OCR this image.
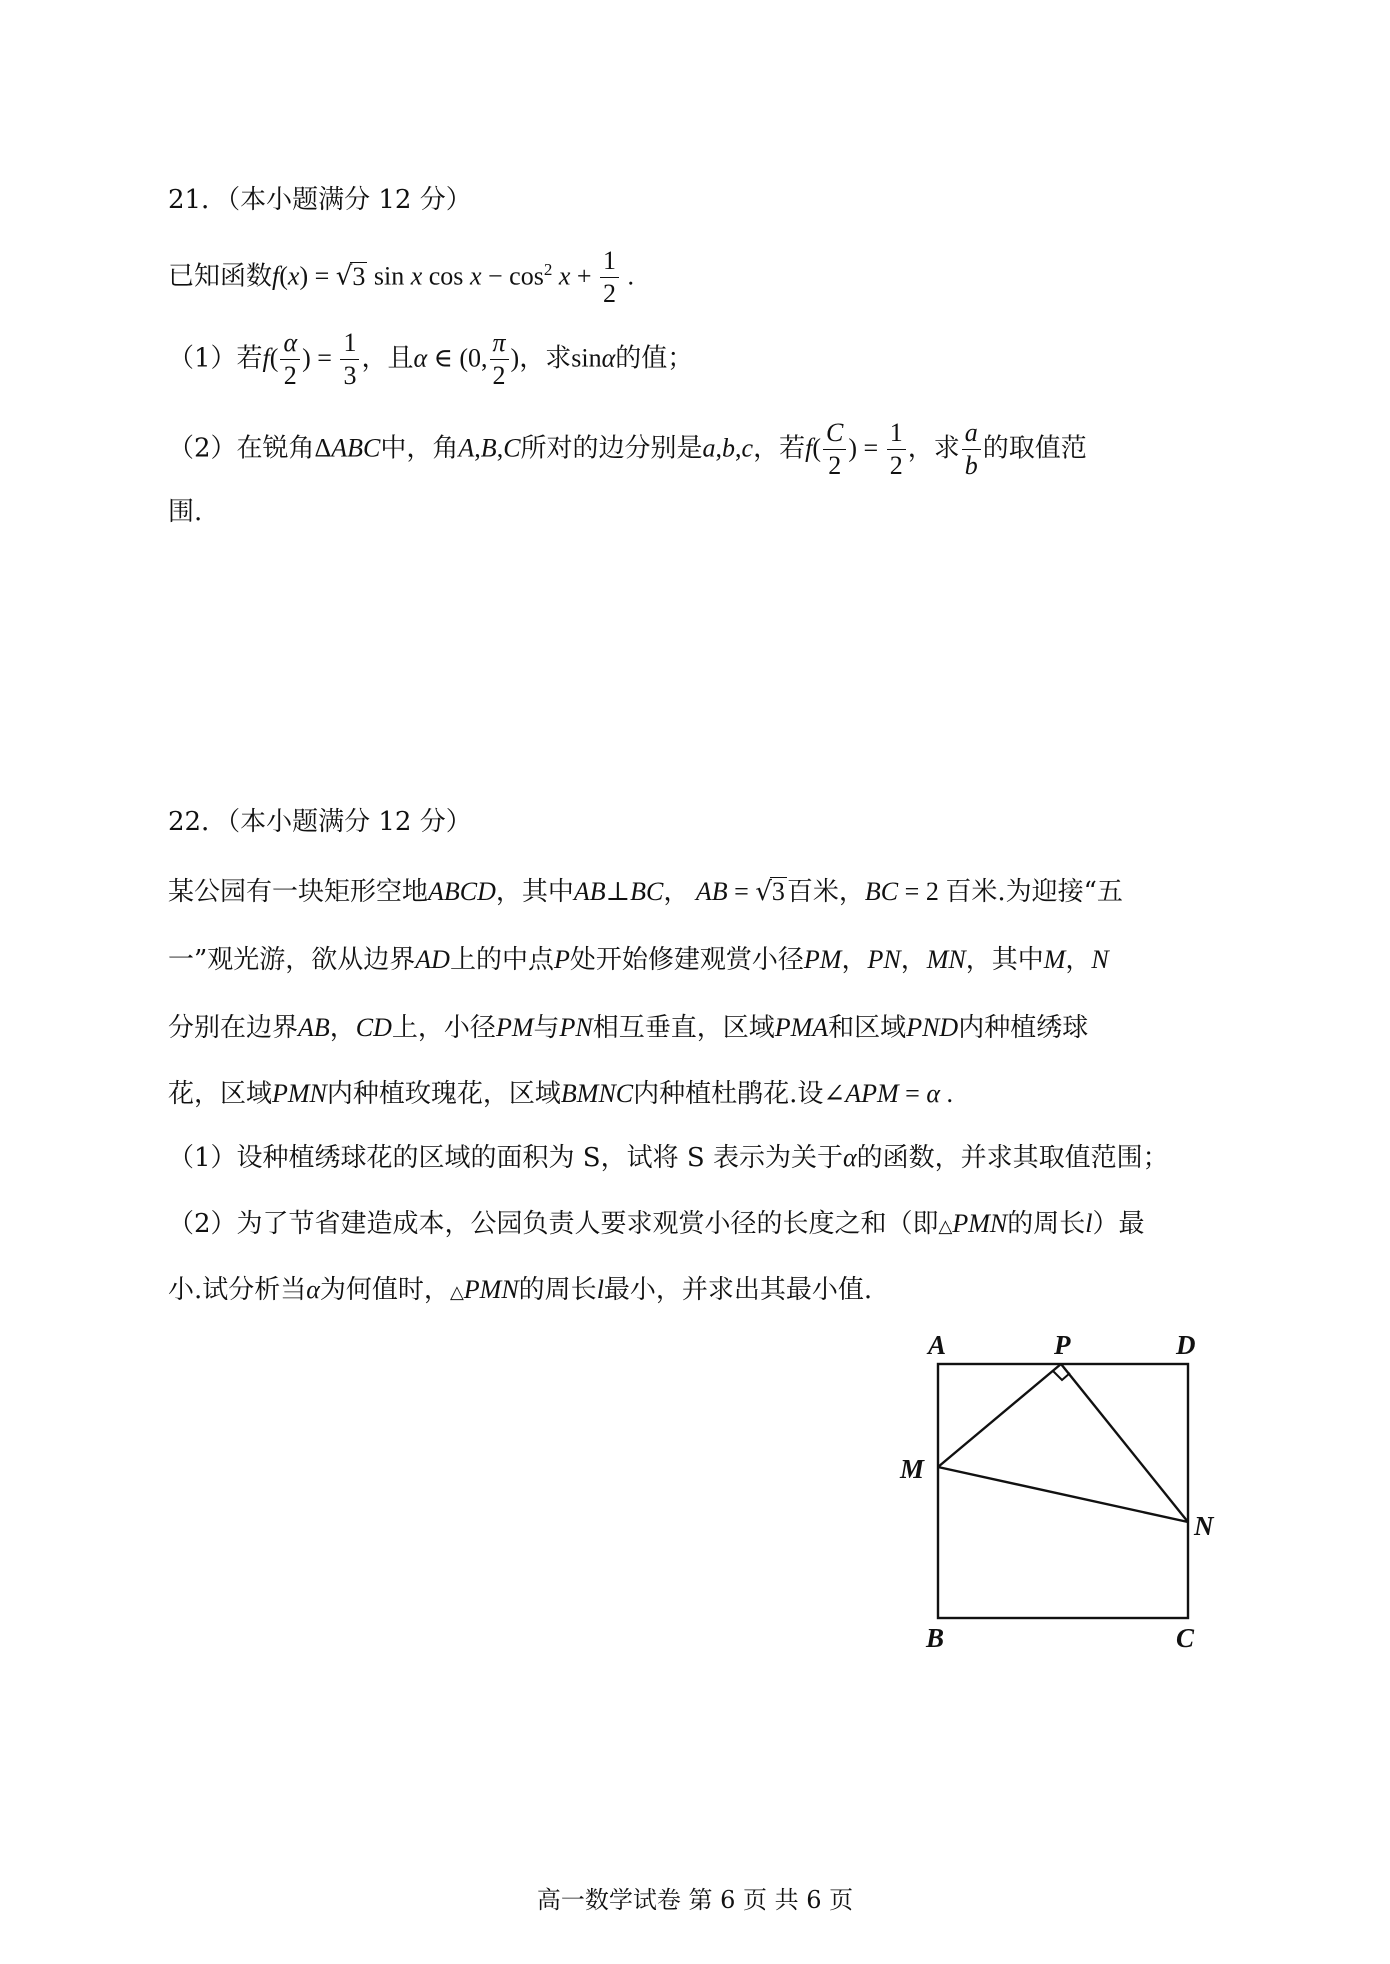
21．（本小题满分 12 分）
已知函数f(x) = √3 sin x $\cos x - \cos^2 x + \frac{1}{2}$ .
（1）若$f( \frac{\alpha}{2}$ ) = $\frac{1}{3}$ ，且α ∈ (0, $\frac{\pi}{2}$ )，求sinα的值；
（2）在锐角ΔABC中，角A,B,C所对的边分别是a,b,c，若$f( \frac{C}{2}$ ) = $\frac{1}{2}$ ，求 $\frac{a}{b}$ 的取值范
围.
22．（本小题满分 12 分）
某公园有一块矩形空地ABCD，其中AB⊥BC， AB = √3百米，BC = 2 百米.为迎接“五
一”观光游，欲从边界AD上的中点P处开始修建观赏小径PM，PN，MN，其中M，N
分别在边界AB，CD上，小径PM与PN相互垂直，区域PMA和区域PND内种植绣球
花，区域PMN内种植玫瑰花，区域BMNC内种植杜鹃花.设∠APM = α .
（1）设种植绣球花的区域的面积为 S，试将 S 表示为关于α的函数，并求其取值范围；
（2）为了节省建造成本，公园负责人要求观赏小径的长度之和（即△PMN的周长l）最
小.试分析当α为何值时，△PMN的周长l最小，并求出其最小值.
A	P	D
M
N
B	C
高一数学试卷 第 6 页 共 6 页
